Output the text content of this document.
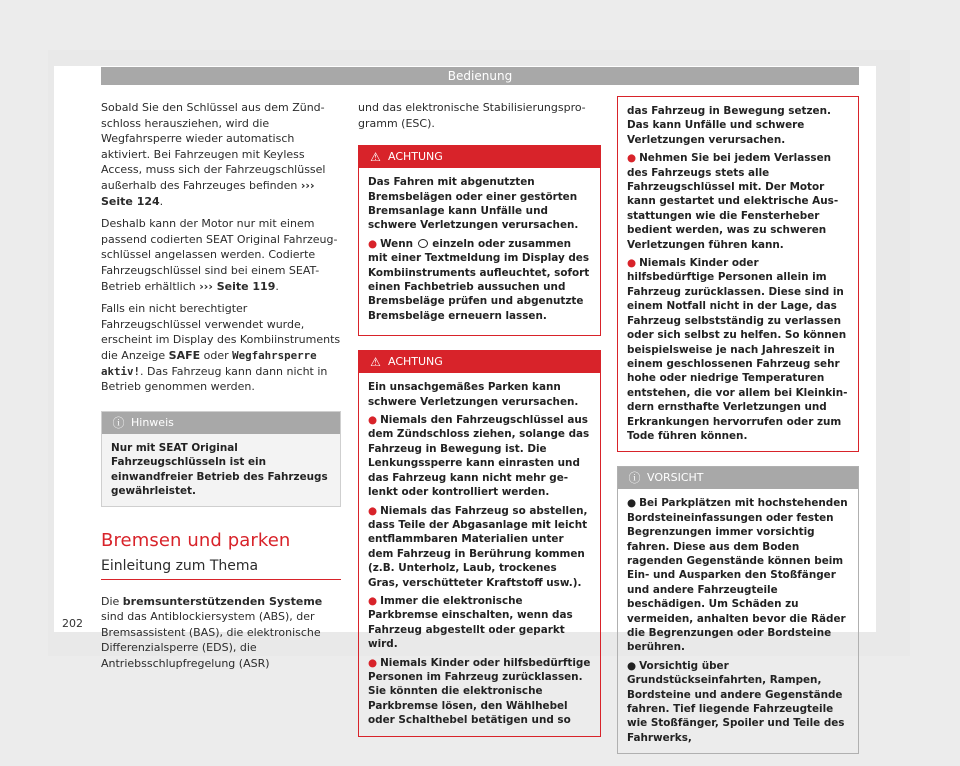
Bedienung

Sobald Sie den Schlüssel aus dem Zündschloss herausziehen, wird die Wegfahrsperre wieder automatisch aktiviert. Bei Fahrzeugen mit Keyless Access, muss sich der Fahrzeugschlüssel außerhalb des Fahrzeuges befinden ››› Seite 124.

Deshalb kann der Motor nur mit einem passend codierten SEAT Original Fahrzeugschlüssel angelassen werden. Codierte Fahrzeugschlüssel sind bei einem SEAT-Betrieb erhältlich ››› Seite 119.

Falls ein nicht berechtigter Fahrzeugschlüssel verwendet wurde, erscheint im Display des Kombiinstruments die Anzeige SAFE oder Wegfahrsperre aktiv!. Das Fahrzeug kann dann nicht in Betrieb genommen werden.

ⓘ Hinweis
Nur mit SEAT Original Fahrzeugschlüsseln ist ein einwandfreier Betrieb des Fahrzeugs gewährleistet.
Bremsen und parken
Einleitung zum Thema

Die bremsunterstützenden Systeme sind das Antiblockiersystem (ABS), der Bremsassistent (BAS), die elektronische Differenzialsperre (EDS), die Antriebsschlupfregelung (ASR)

und das elektronische Stabilisierungsprogramm (ESC).

⚠ ACHTUNG

Das Fahren mit abgenutzten Bremsbelägen oder einer gestörten Bremsanlage kann Unfälle und schwere Verletzungen verursachen.

● Wenn einzeln oder zusammen mit einer Textmeldung im Display des Kombiinstruments aufleuchtet, sofort einen Fachbetrieb aussuchen und Bremsbeläge prüfen und abgenutzte Bremsbeläge erneuern lassen.

⚠ ACHTUNG

Ein unsachgemäßes Parken kann schwere Verletzungen verursachen.

● Niemals den Fahrzeugschlüssel aus dem Zündschloss ziehen, solange das Fahrzeug in Bewegung ist. Die Lenkungssperre kann einrasten und das Fahrzeug kann nicht mehr gelenkt oder kontrolliert werden.

● Niemals das Fahrzeug so abstellen, dass Teile der Abgasanlage mit leicht entflammbaren Materialien unter dem Fahrzeug in Berührung kommen (z.B. Unterholz, Laub, trockenes Gras, verschütteter Kraftstoff usw.).

● Immer die elektronische Parkbremse einschalten, wenn das Fahrzeug abgestellt oder geparkt wird.

● Niemals Kinder oder hilfsbedürftige Personen im Fahrzeug zurücklassen. Sie könnten die elektronische Parkbremse lösen, den Wählhebel oder Schalthebel betätigen und so

das Fahrzeug in Bewegung setzen. Das kann Unfälle und schwere Verletzungen verursachen.

● Nehmen Sie bei jedem Verlassen des Fahrzeugs stets alle Fahrzeugschlüssel mit. Der Motor kann gestartet und elektrische Ausstattungen wie die Fensterheber bedient werden, was zu schweren Verletzungen führen kann.

● Niemals Kinder oder hilfsbedürftige Personen allein im Fahrzeug zurücklassen. Diese sind in einem Notfall nicht in der Lage, das Fahrzeug selbstständig zu verlassen oder sich selbst zu helfen. So können beispielsweise je nach Jahreszeit in einem geschlossenen Fahrzeug sehr hohe oder niedrige Temperaturen entstehen, die vor allem bei Kleinkindern ernsthafte Verletzungen und Erkrankungen hervorrufen oder zum Tode führen können.

ⓘ VORSICHT

● Bei Parkplätzen mit hochstehenden Bordsteineinfassungen oder festen Begrenzungen immer vorsichtig fahren. Diese aus dem Boden ragenden Gegenstände können beim Ein- und Ausparken den Stoßfänger und andere Fahrzeugteile beschädigen. Um Schäden zu vermeiden, anhalten bevor die Räder die Begrenzungen oder Bordsteine berühren.

● Vorsichtig über Grundstückseinfahrten, Rampen, Bordsteine und andere Gegenstände fahren. Tief liegende Fahrzeugteile wie Stoßfänger, Spoiler und Teile des Fahrwerks,

202
